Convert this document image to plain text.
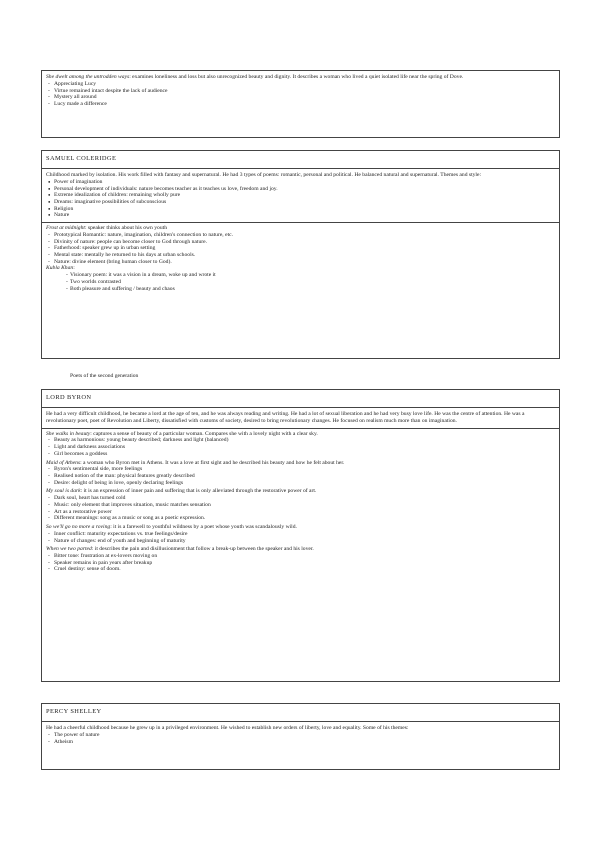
She dwelt among the untrodden ways: examines loneliness and loss but also unrecognized beauty and dignity. It describes a woman who lived a quiet isolated life near the spring of Dove.

- Appreciating Lucy
- Virtue remained intact despite the lack of audience
- Mystery all around
- Lucy made a difference
SAMUEL COLERIDGE

Childhood marked by isolation. His work filled with fantasy and supernatural. He had 3 types of poems: romantic, personal and political. He balanced natural and supernatural. Themes and style:

● Power of imagination
● Personal development of individuals: nature becomes teacher as it teaches us love, freedom and joy.
● Extreme idealization of children: remaining wholly pure
● Dreams: imaginative possibilities of subconscious
● Religion
● Nature

Frost at midnight: speaker thinks about his own youth

- Prototypical Romantic: nature, imagination, children's connection to nature, etc.
- Divinity of nature: people can become closer to God through nature.
- Fatherhood: speaker grew up in urban setting
- Mental state: mentally he returned to his days at urban schools.
- Nature: divine element (bring human closer to God).

Kubla Khan:

- Visionary poem: it was a vision in a dream, woke up and wrote it
- Two worlds contrasted
- Both pleasure and suffering / beauty and chaos
Poets of the second generation
LORD BYRON

He had a very difficult childhood, he became a lord at the age of ten, and he was always reading and writing. He had a lot of sexual liberation and he had very busy love life. He was the centre of attention. He was a revolutionary poet, poet of Revolution and Liberty, dissatisfied with customs of society, desired to bring revolutionary changes. He focused on realism much more than on imagination.

She walks in beauty: captures a sense of beauty of a particular woman. Compares she with a lovely night with a clear sky.

- Beauty as harmonious: young beauty described; darkness and light (balanced)
- Light and darkness associations
- Girl becomes a goddess

Maid of Athens: a woman who Byron met in Athens. It was a love at first sight and he described his beauty and how he felt about her.

- Byron's sentimental side, more feelings
- Realised notion of the man: physical features greatly described
- Desire: delight of being in love, openly declaring feelings

My soul is dark: it is an expression of inner pain and suffering that is only alleviated through the restorative power of art.

- Dark soul, heart has turned cold
- Music: only element that improves situation, music matches sensation
- Art as a restorative power
- Different meanings: song as a music or song as a poetic expression.

So we'll go no more a roving: it is a farewell to youthful wildness by a poet whose youth was scandalously wild.

- Inner conflict: maturity expectations vs. true feelings/desire
- Nature of changes: end of youth and beginning of maturity

When we two parted: it describes the pain and disillusionment that follow a break-up between the speaker and his lover.

- Bitter tone: frustration at ex-lovers moving on
- Speaker remains in pain years after breakup
- Cruel destiny: sense of doom.
PERCY SHELLEY

He had a cheerful childhood because he grew up in a privileged environment. He wished to establish new orders of liberty, love and equality. Some of his themes:

- The power of nature
- Atheism
